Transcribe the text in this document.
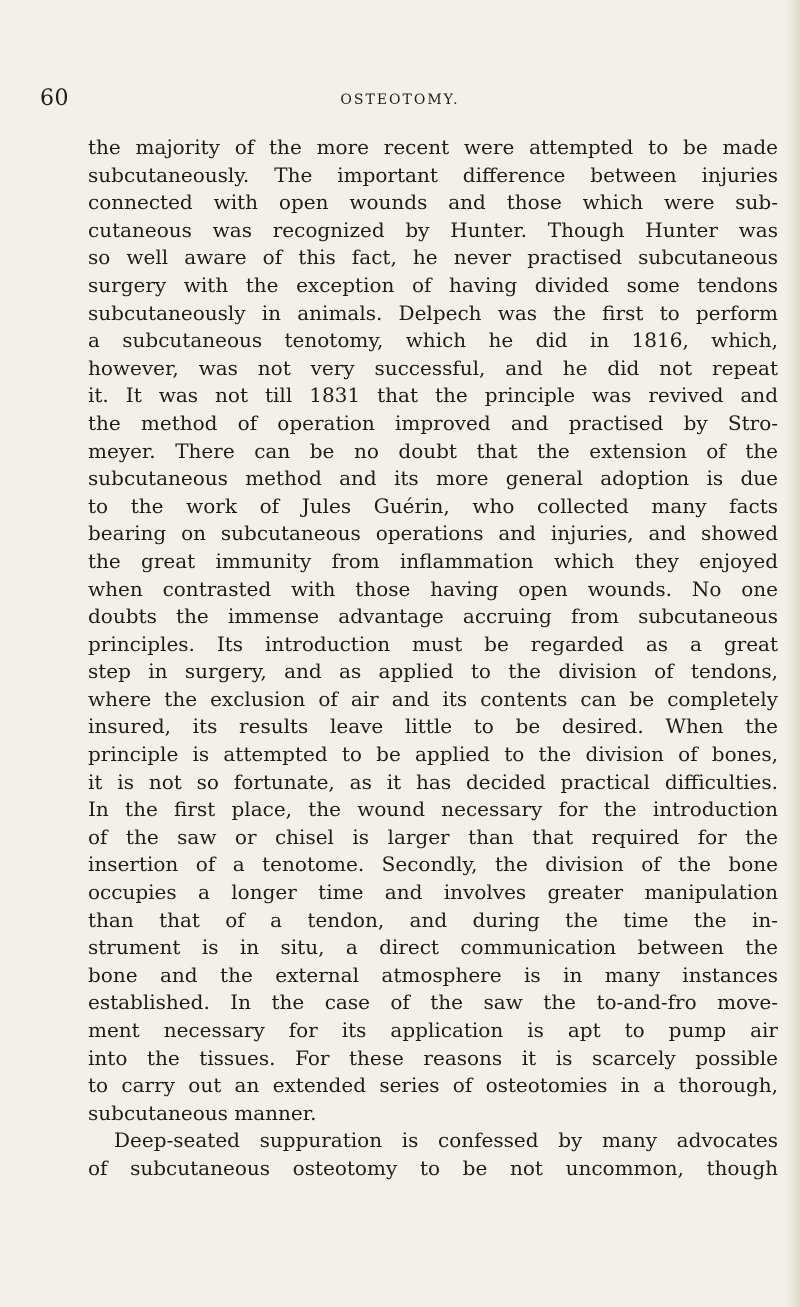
60	OSTEOTOMY.
the majority of the more recent were attempted to be made
subcutaneously. The important difference between injuries
connected with open wounds and those which were sub-
cutaneous was recognized by Hunter. Though Hunter was
so well aware of this fact, he never practised subcutaneous
surgery with the exception of having divided some tendons
subcutaneously in animals. Delpech was the first to perform
a subcutaneous tenotomy, which he did in 1816, which,
however, was not very successful, and he did not repeat
it. It was not till 1831 that the principle was revived and
the method of operation improved and practised by Stro-
meyer. There can be no doubt that the extension of the
subcutaneous method and its more general adoption is due
to the work of Jules Guérin, who collected many facts
bearing on subcutaneous operations and injuries, and showed
the great immunity from inflammation which they enjoyed
when contrasted with those having open wounds. No one
doubts the immense advantage accruing from subcutaneous
principles. Its introduction must be regarded as a great
step in surgery, and as applied to the division of tendons,
where the exclusion of air and its contents can be completely
insured, its results leave little to be desired. When the
principle is attempted to be applied to the division of bones,
it is not so fortunate, as it has decided practical difficulties.
In the first place, the wound necessary for the introduction
of the saw or chisel is larger than that required for the
insertion of a tenotome. Secondly, the division of the bone
occupies a longer time and involves greater manipulation
than that of a tendon, and during the time the in-
strument is in situ, a direct communication between the
bone and the external atmosphere is in many instances
established. In the case of the saw the to-and-fro move-
ment necessary for its application is apt to pump air
into the tissues. For these reasons it is scarcely possible
to carry out an extended series of osteotomies in a thorough,
subcutaneous manner.
Deep-seated suppuration is confessed by many advocates
of subcutaneous osteotomy to be not uncommon, though
